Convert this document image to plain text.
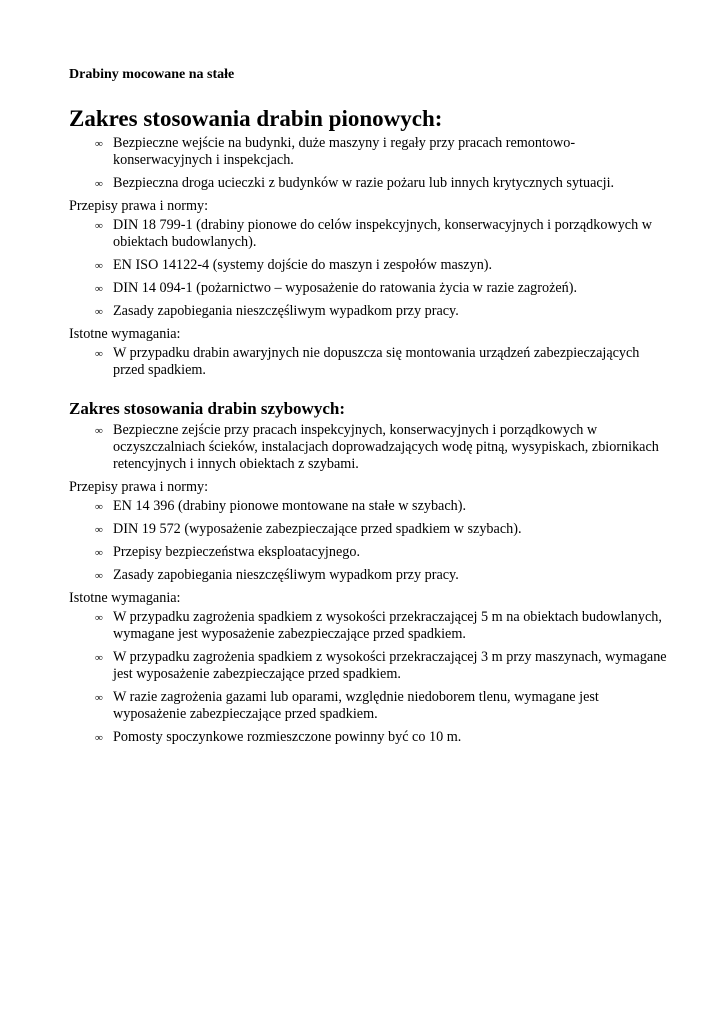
Drabiny mocowane na stałe

Zakres stosowania drabin pionowych:
∞ Bezpieczne wejście na budynki, duże maszyny i regały przy pracach remontowo-konserwacyjnych i inspekcjach.
∞ Bezpieczna droga ucieczki z budynków w razie pożaru lub innych krytycznych sytuacji.

Przepisy prawa i normy:

∞ DIN 18 799-1 (drabiny pionowe do celów inspekcyjnych, konserwacyjnych i porządkowych w obiektach budowlanych).
∞ EN ISO 14122-4 (systemy dojście do maszyn i zespołów maszyn).
∞ DIN 14 094-1 (pożarnictwo – wyposażenie do ratowania życia w razie zagrożeń).
∞ Zasady zapobiegania nieszczęśliwym wypadkom przy pracy.

Istotne wymagania:

∞ W przypadku drabin awaryjnych nie dopuszcza się montowania urządzeń zabezpieczających przed spadkiem.
Zakres stosowania drabin szybowych:
∞ Bezpieczne zejście przy pracach inspekcyjnych, konserwacyjnych i porządkowych w oczyszczalniach ścieków, instalacjach doprowadzających wodę pitną, wysypiskach, zbiornikach retencyjnych i innych obiektach z szybami.

Przepisy prawa i normy:

∞ EN 14 396 (drabiny pionowe montowane na stałe w szybach).
∞ DIN 19 572 (wyposażenie zabezpieczające przed spadkiem w szybach).
∞ Przepisy bezpieczeństwa eksploatacyjnego.
∞ Zasady zapobiegania nieszczęśliwym wypadkom przy pracy.

Istotne wymagania:

∞ W przypadku zagrożenia spadkiem z wysokości przekraczającej 5 m na obiektach budowlanych, wymagane jest wyposażenie zabezpieczające przed spadkiem.
∞ W przypadku zagrożenia spadkiem z wysokości przekraczającej 3 m przy maszynach, wymagane jest wyposażenie zabezpieczające przed spadkiem.
∞ W razie zagrożenia gazami lub oparami, względnie niedoborem tlenu, wymagane jest wyposażenie zabezpieczające przed spadkiem.
∞ Pomosty spoczynkowe rozmieszczone powinny być co 10 m.
